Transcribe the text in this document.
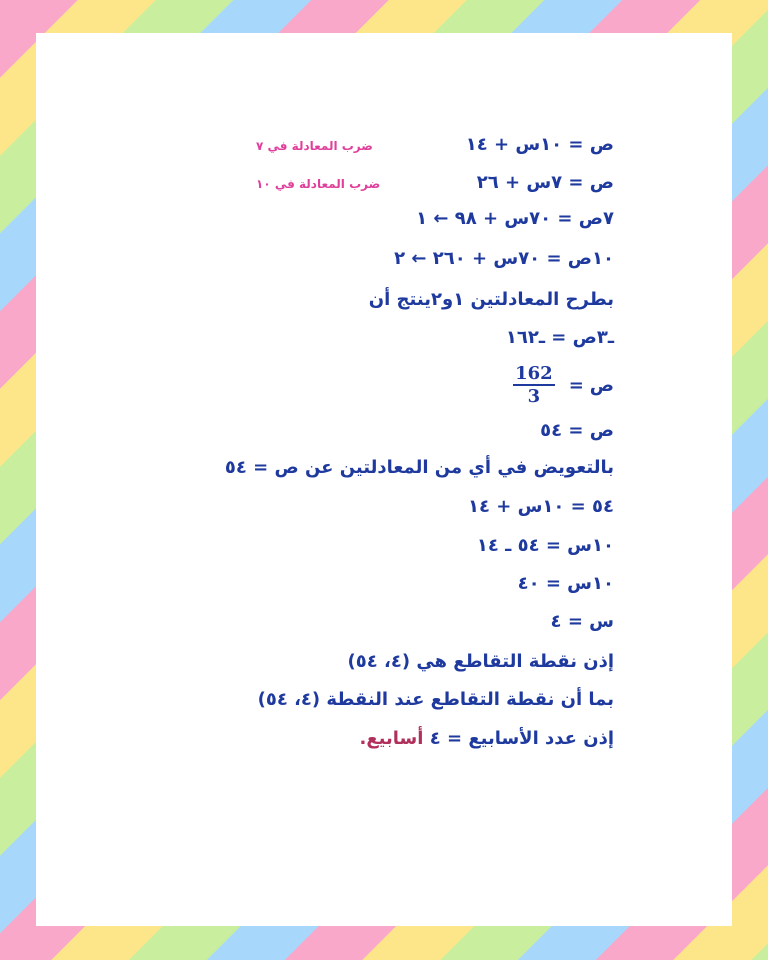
ص = ١٠س + ١٤
ضرب المعادلة في ٧
ص = ٧س + ٢٦
ضرب المعادلة في ١٠
٧ص = ٧٠س + ٩٨ ← ١
١٠ص = ٧٠س + ٢٦٠ ← ٢
بطرح المعادلتين ١و٢ينتج أن
ـ٣ص = ـ١٦٢
ص
=
$\frac{162}{3}$
ص = ٥٤
بالتعويض في أي من المعادلتين عن ص = ٥٤
٥٤ = ١٠س + ١٤
١٠س = ٥٤ ـ ١٤
١٠س = ٤٠
س = ٤
إذن نقطة التقاطع هي (٤، ٥٤)
بما أن نقطة التقاطع عند النقطة (٤، ٥٤)
إذن عدد الأسابيع = ٤ أسابيع.
